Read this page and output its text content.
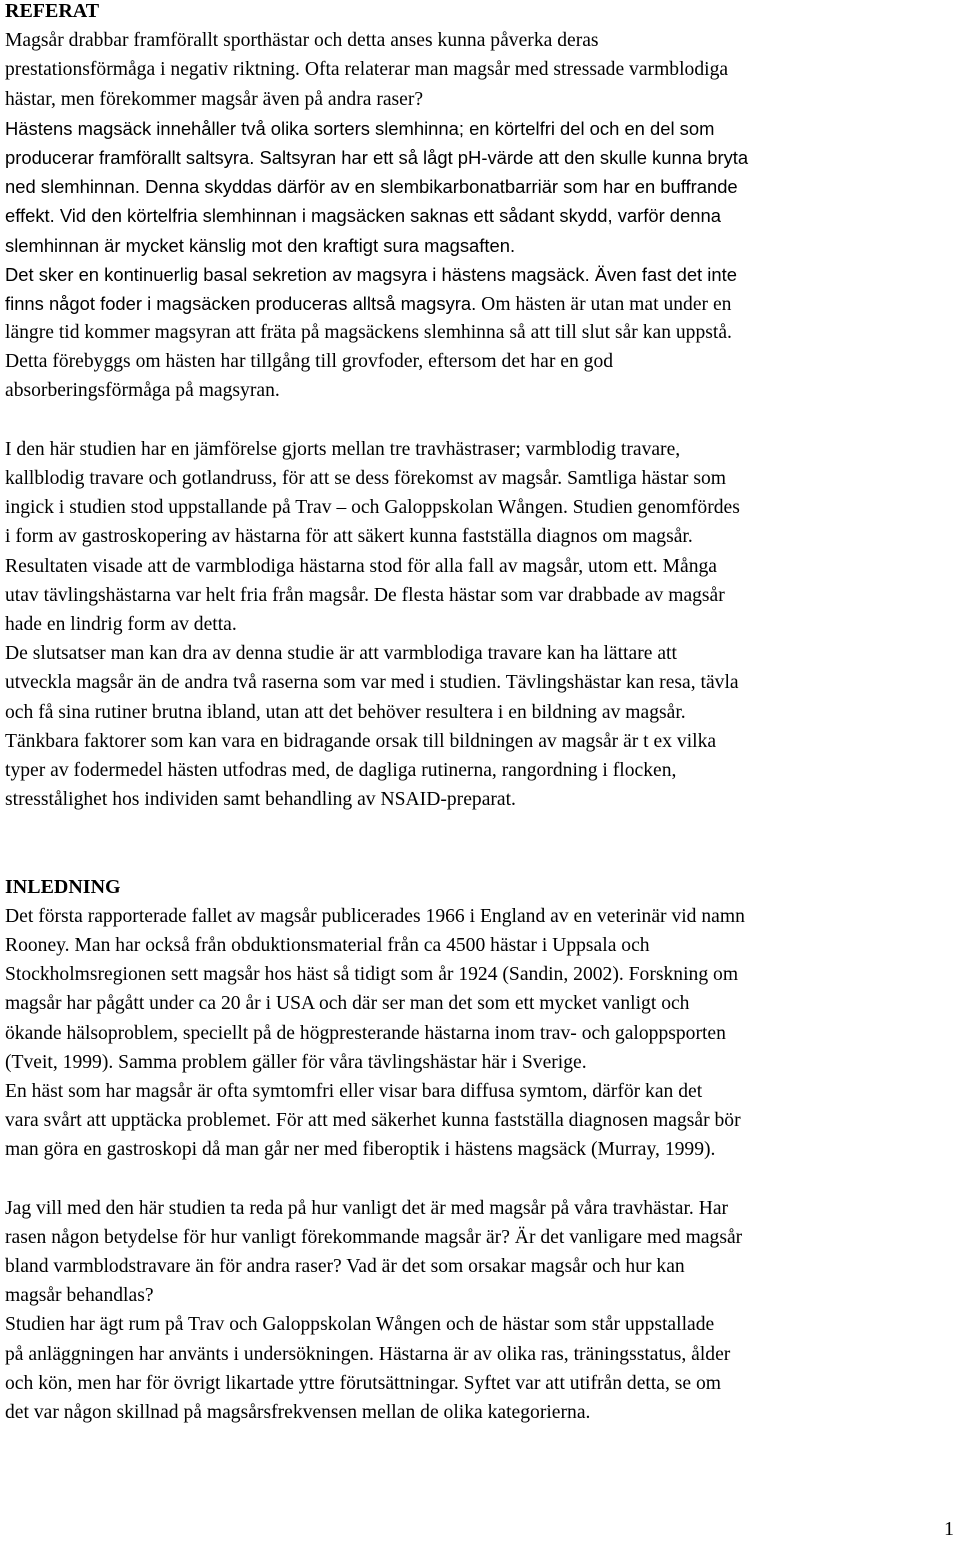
REFERAT
Magsår drabbar framförallt sporthästar och detta anses kunna påverka deras
prestationsförmåga i negativ riktning. Ofta relaterar man magsår med stressade varmblodiga
hästar, men förekommer magsår även på andra raser?
Hästens magsäck innehåller två olika sorters slemhinna; en körtelfri del och en del som
producerar framförallt saltsyra. Saltsyran har ett så lågt pH-värde att den skulle kunna bryta
ned slemhinnan. Denna skyddas därför av en slembikarbonatbarriär som har en buffrande
effekt. Vid den körtelfria slemhinnan i magsäcken saknas ett sådant skydd, varför denna
slemhinnan är mycket känslig mot den kraftigt sura magsaften.
Det sker en kontinuerlig basal sekretion av magsyra i hästens magsäck. Även fast det inte
finns något foder i magsäcken produceras alltså magsyra. Om hästen är utan mat under en
längre tid kommer magsyran att fräta på magsäckens slemhinna så att till slut sår kan uppstå.
Detta förebyggs om hästen har tillgång till grovfoder, eftersom det har en god
absorberingsförmåga på magsyran.
I den här studien har en jämförelse gjorts mellan tre travhästraser; varmblodig travare,
kallblodig travare och gotlandruss, för att se dess förekomst av magsår. Samtliga hästar som
ingick i studien stod uppstallande på Trav – och Galoppskolan Wången. Studien genomfördes
i form av gastroskopering av hästarna för att säkert kunna fastställa diagnos om magsår.
Resultaten visade att de varmblodiga hästarna stod för alla fall av magsår, utom ett. Många
utav tävlingshästarna var helt fria från magsår. De flesta hästar som var drabbade av magsår
hade en lindrig form av detta.
De slutsatser man kan dra av denna studie är att varmblodiga travare kan ha lättare att
utveckla magsår än de andra två raserna som var med i studien. Tävlingshästar kan resa, tävla
och få sina rutiner brutna ibland, utan att det behöver resultera i en bildning av magsår.
Tänkbara faktorer som kan vara en bidragande orsak till bildningen av magsår är t ex vilka
typer av fodermedel hästen utfodras med, de dagliga rutinerna, rangordning i flocken,
stresstålighet hos individen samt behandling av NSAID-preparat.
INLEDNING
Det första rapporterade fallet av magsår publicerades 1966 i England av en veterinär vid namn
Rooney. Man har också från obduktionsmaterial från ca 4500 hästar i Uppsala och
Stockholmsregionen sett magsår hos häst så tidigt som år 1924 (Sandin, 2002). Forskning om
magsår har pågått under ca 20 år i USA och där ser man det som ett mycket vanligt och
ökande hälsoproblem, speciellt på de högpresterande hästarna inom trav- och galoppsporten
(Tveit, 1999). Samma problem gäller för våra tävlingshästar här i Sverige.
En häst som har magsår är ofta symtomfri eller visar bara diffusa symtom, därför kan det
vara svårt att upptäcka problemet. För att med säkerhet kunna fastställa diagnosen magsår bör
man göra en gastroskopi då man går ner med fiberoptik i hästens magsäck (Murray, 1999).
Jag vill med den här studien ta reda på hur vanligt det är med magsår på våra travhästar. Har
rasen någon betydelse för hur vanligt förekommande magsår är? Är det vanligare med magsår
bland varmblodstravare än för andra raser? Vad är det som orsakar magsår och hur kan
magsår behandlas?
Studien har ägt rum på Trav och Galoppskolan Wången och de hästar som står uppstallade
på anläggningen har använts i undersökningen. Hästarna är av olika ras, träningsstatus, ålder
och kön, men har för övrigt likartade yttre förutsättningar. Syftet var att utifrån detta, se om
det var någon skillnad på magsårsfrekvensen mellan de olika kategorierna.
1
